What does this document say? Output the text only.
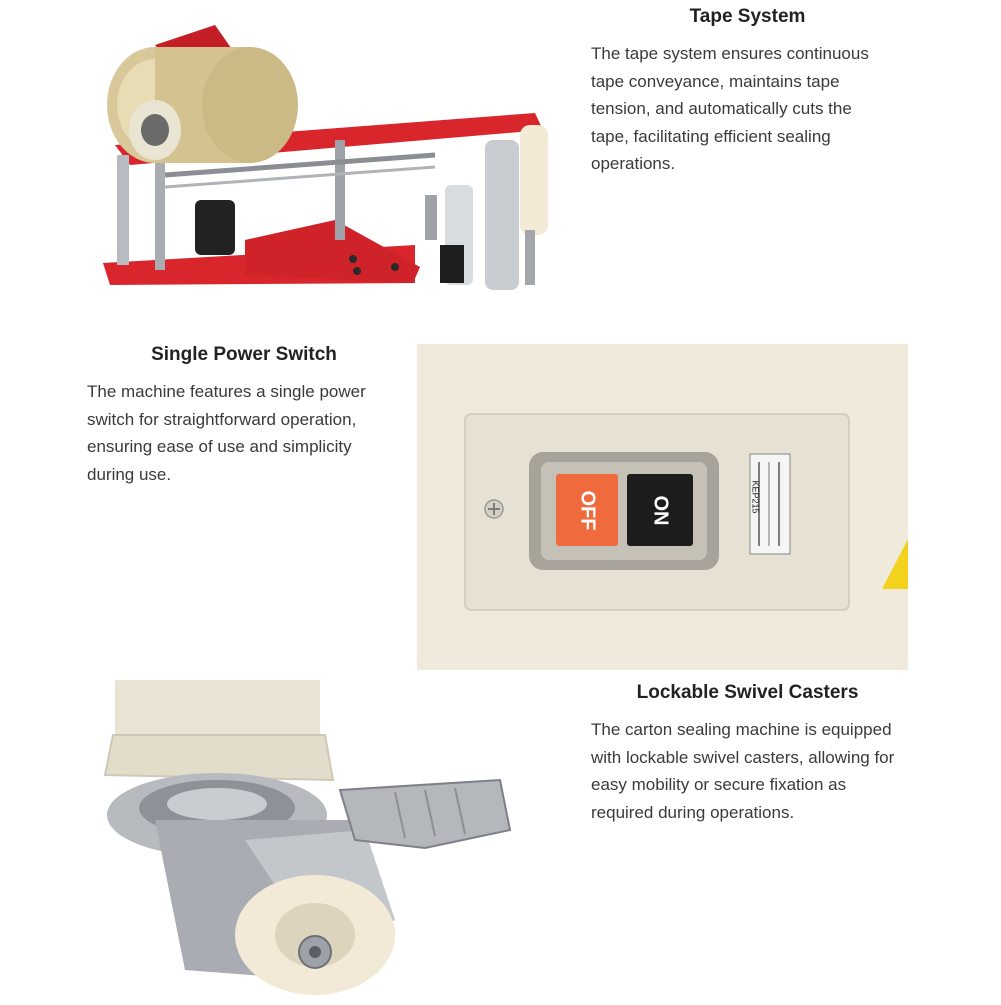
Tape System

The tape system ensures continuous tape conveyance, maintains tape tension, and automatically cuts the tape, facilitating efficient sealing operations.

Single Power Switch

The machine features a single power switch for straightforward operation, ensuring ease of use and simplicity during use.

OFF	ON	KEP215
Lockable Swivel Casters

The carton sealing machine is equipped with lockable swivel casters, allowing for easy mobility or secure fixation as required during operations.
